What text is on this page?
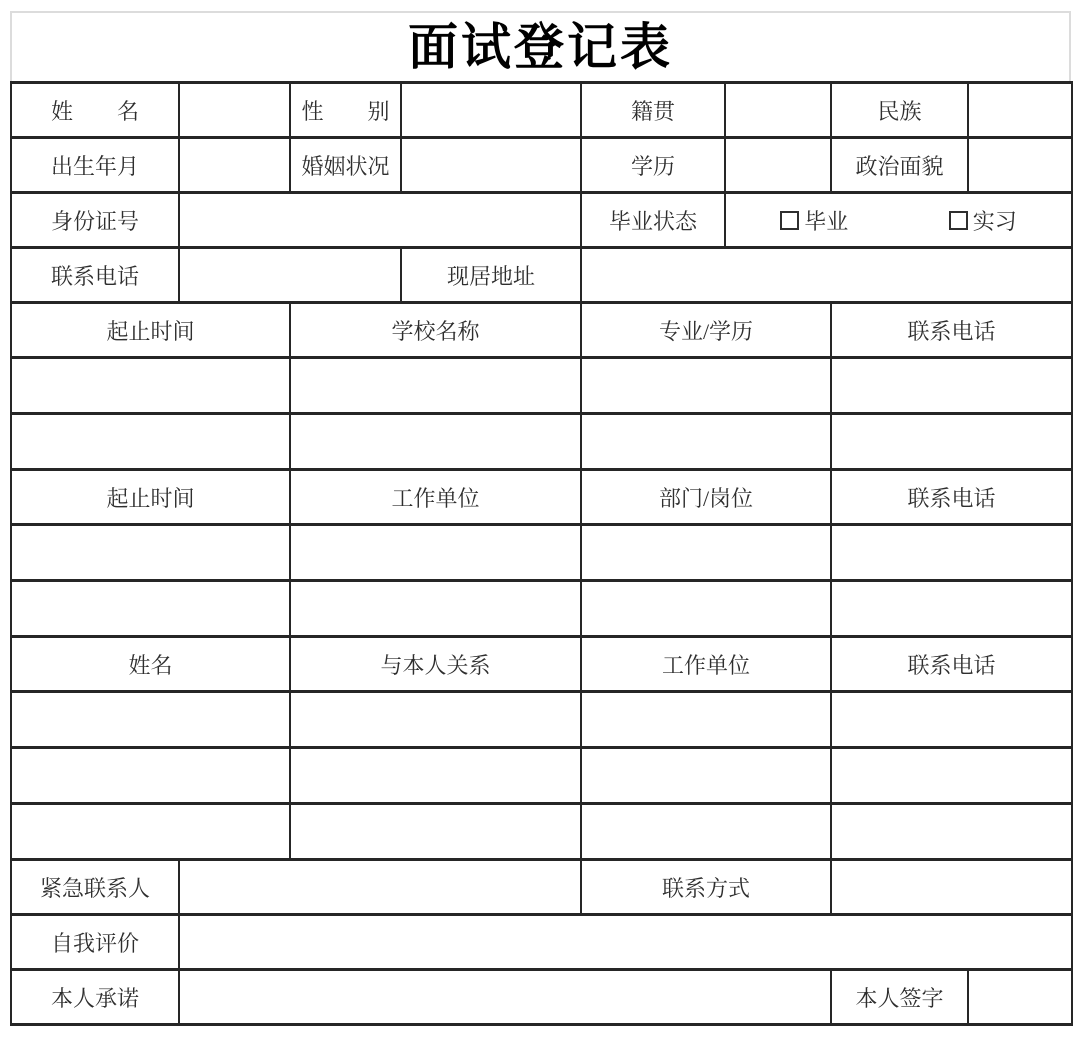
面试登记表
姓　　名		性　　别		籍贯		民族	
出生年月		婚姻状况		学历		政治面貌	
身份证号				毕业状态	毕业 实习		

联系电话			现居地址				
起止时间		学校名称		专业/学历		联系电话	

起止时间		工作单位		部门/岗位		联系电话	

姓名		与本人关系		工作单位		联系电话	

紧急联系人				联系方式			
自我评价							
本人承诺						本人签字	
